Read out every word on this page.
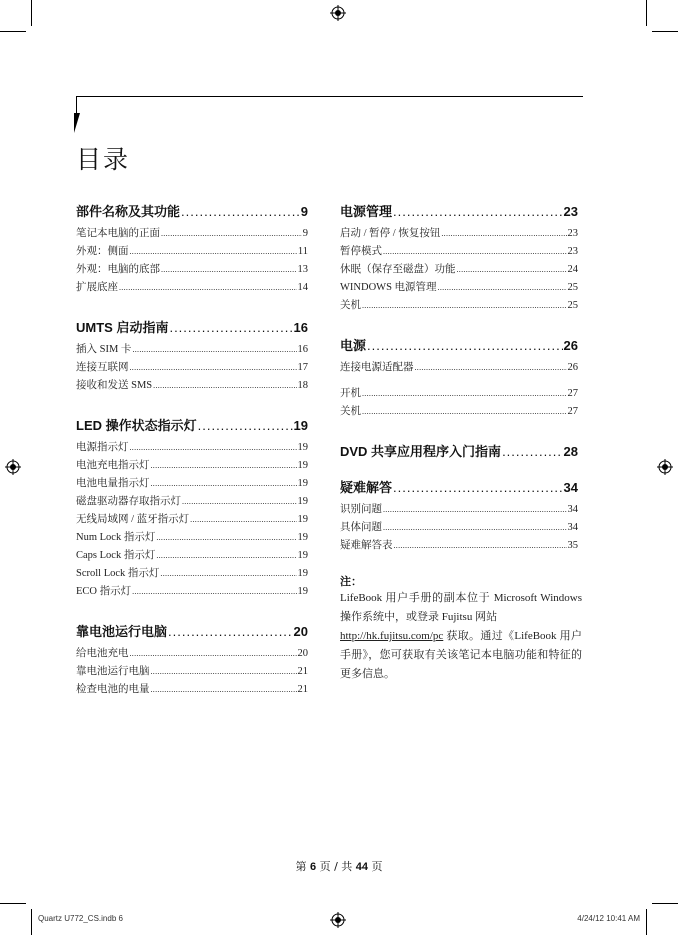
目录
部件名称及其功能 .....	9
笔记本电脑的正面 .....	9
外观：侧面 .....	11
外观：电脑的底部 .....	13
扩展底座 .....	14
UMTS 启动指南 .....	16
插入 SIM 卡 .....	16
连接互联网 .....	17
接收和发送 SMS .....	18
LED 操作状态指示灯 .....	19
电源指示灯 .....	19
电池充电指示灯 .....	19
电池电量指示灯 .....	19
磁盘驱动器存取指示灯 .....	19
无线局域网 / 蓝牙指示灯 .....	19
Num Lock 指示灯 .....	19
Caps Lock 指示灯 .....	19
Scroll Lock 指示灯 .....	19
ECO 指示灯 .....	19
靠电池运行电脑 .....	20
给电池充电 .....	20
靠电池运行电脑 .....	21
检查电池的电量 .....	21
电源管理 .....	23
启动 / 暂停 / 恢复按钮 .....	23
暂停模式 .....	23
休眠（保存至磁盘）功能 .....	24
WINDOWS 电源管理 .....	25
关机 .....	25
电源 .....	26
连接电源适配器 .....	26
开机 .....	27
关机 .....	27
DVD 共享应用程序入门指南 .....	28
疑难解答 .....	34
识别问题 .....	34
具体问题 .....	34
疑难解答表 .....	35
注：
LifeBook 用户手册的副本位于 Microsoft Windows 操作系统中，或登录 Fujitsu 网站
http://hk.fujitsu.com/pc 获取。通过《LifeBook 用户手册》，您可获取有关该笔记本电脑功能和特征的更多信息。
第 6 页 / 共 44 页
Quartz U772_CS.indb 6	4/24/12 10:41 AM
